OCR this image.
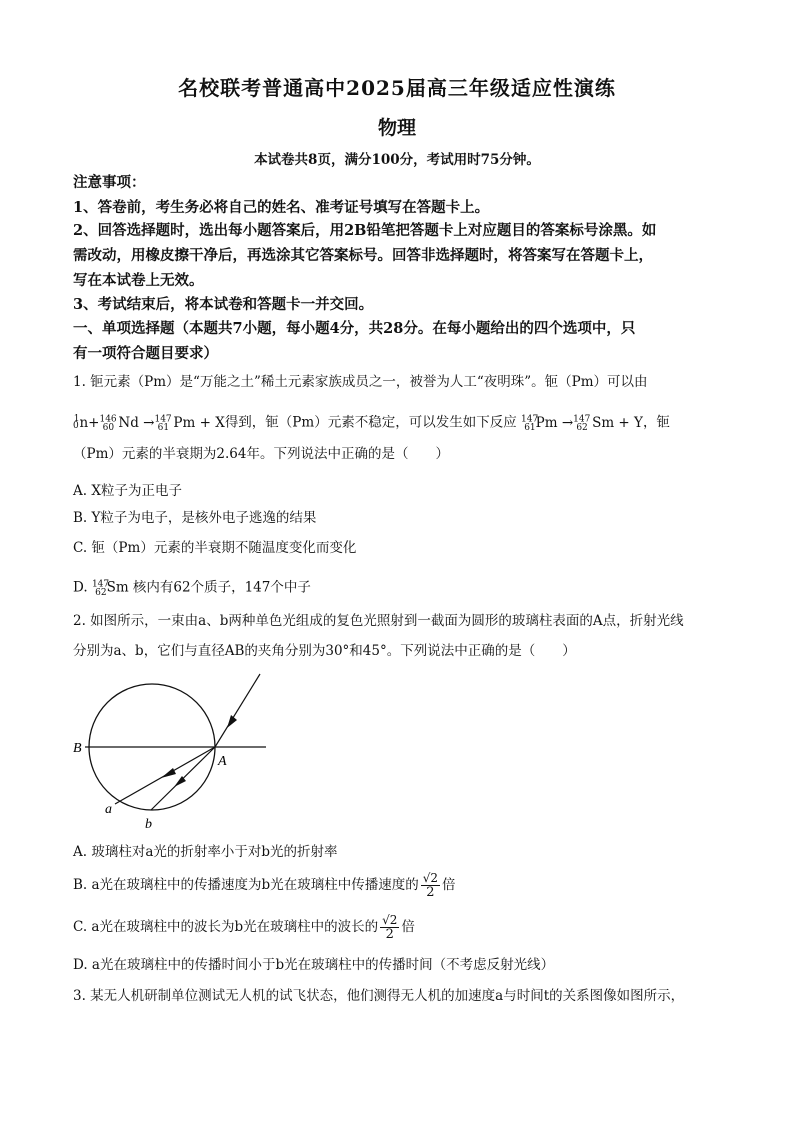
名校联考普通高中2025届高三年级适应性演练
物理
本试卷共8页，满分100分，考试用时75分钟。
注意事项：
1、答卷前，考生务必将自己的姓名、准考证号填写在答题卡上。
2、回答选择题时，选出每小题答案后，用2B铅笔把答题卡上对应题目的答案标号涂黑。如
需改动，用橡皮擦干净后，再选涂其它答案标号。回答非选择题时，将答案写在答题卡上，
写在本试卷上无效。
3、考试结束后，将本试卷和答题卡一并交回。
一、单项选择题（本题共7小题，每小题4分，共28分。在每小题给出的四个选项中，只
有一项符合题目要求）
1. 钷元素（Pm）是“万能之土”稀土元素家族成员之一，被誉为人工“夜明珠”。钷（Pm）可以由
$_0^1$n+$^{146}_{60}$ Nd →$^{147}_{61}$ Pm + X得到，钷（Pm）元素不稳定，可以发生如下反应 $^{147}_{61}$Pm →$^{147}_{62}$ Sm + Y，钷
（Pm）元素的半衰期为2.64年。下列说法中正确的是（　　）
A. X粒子为正电子
B. Y粒子为电子，是核外电子逃逸的结果
C. 钷（Pm）元素的半衰期不随温度变化而变化
D. $^{147}_{62}$Sm 核内有62个质子，147个中子
2. 如图所示，一束由a、b两种单色光组成的复色光照射到一截面为圆形的玻璃柱表面的A点，折射光线
分别为a、b，它们与直径AB的夹角分别为30°和45°。下列说法中正确的是（　　）
B
A
a
b
A. 玻璃柱对a光的折射率小于对b光的折射率
B. a光在玻璃柱中的传播速度为b光在玻璃柱中传播速度的 $\frac{√2}{2}$ 倍
C. a光在玻璃柱中的波长为b光在玻璃柱中的波长的 $\frac{√2}{2}$ 倍
D. a光在玻璃柱中的传播时间小于b光在玻璃柱中的传播时间（不考虑反射光线）
3. 某无人机研制单位测试无人机的试飞状态，他们测得无人机的加速度a与时间t的关系图像如图所示，
